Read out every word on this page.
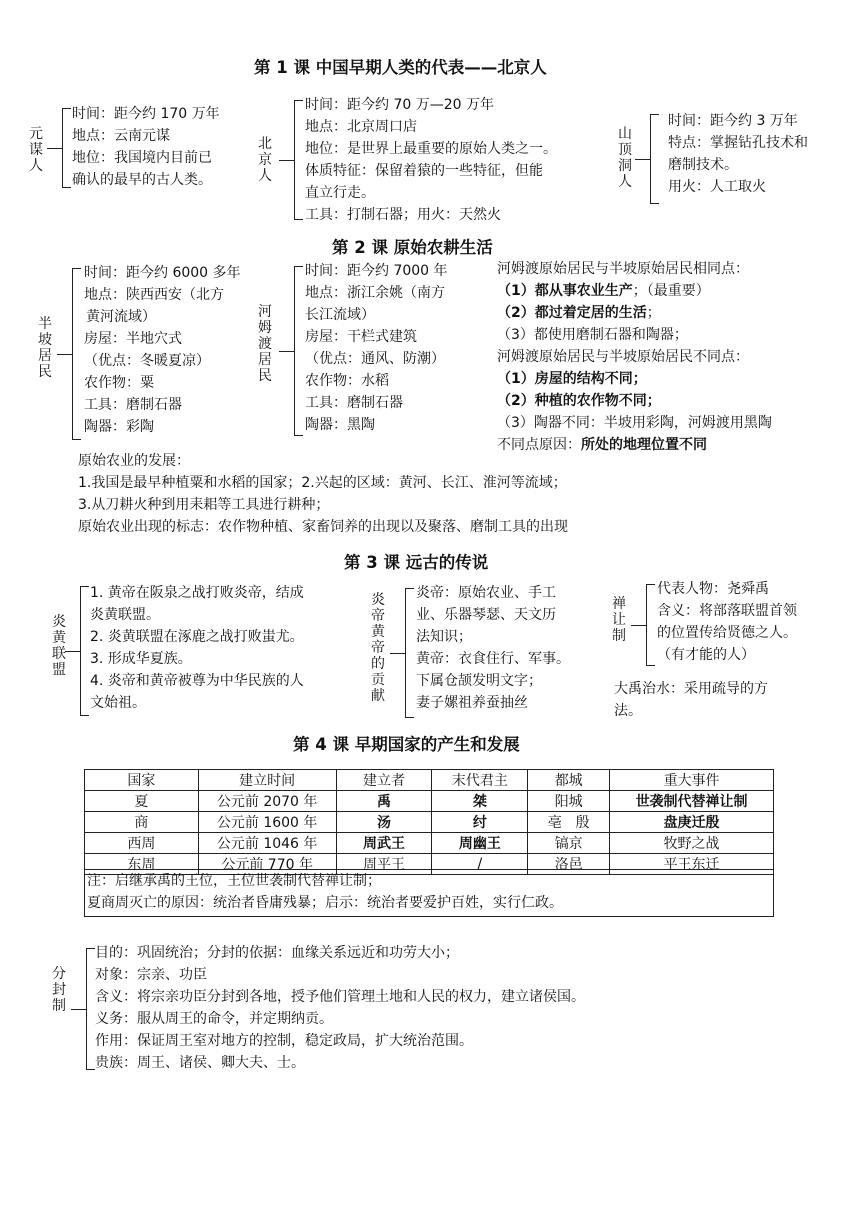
第 1 课 中国早期人类的代表——北京人
元谋人
时间：距今约 170 万年
地点：云南元谋
地位：我国境内目前已
确认的最早的古人类。
北京人
时间：距今约 70 万—20 万年
地点：北京周口店
地位：是世界上最重要的原始人类之一。
体质特征：保留着猿的一些特征，但能
直立行走。
工具：打制石器；用火：天然火
山顶洞人
时间：距今约 3 万年
特点：掌握钻孔技术和
磨制技术。
用火：人工取火
第 2 课 原始农耕生活
半坡居民
时间：距今约 6000 多年
地点：陕西西安（北方
黄河流域）
房屋：半地穴式
（优点：冬暖夏凉）
农作物：粟
工具：磨制石器
陶器：彩陶
河姆渡居民
时间：距今约 7000 年
地点：浙江余姚（南方
长江流域）
房屋：干栏式建筑
（优点：通风、防潮）
农作物：水稻
工具：磨制石器
陶器：黑陶
河姆渡原始居民与半坡原始居民相同点：
（1）都从事农业生产；（最重要）
（2）都过着定居的生活；
（3）都使用磨制石器和陶器；
河姆渡原始居民与半坡原始居民不同点：
（1）房屋的结构不同；
（2）种植的农作物不同；
（3）陶器不同：半坡用彩陶，河姆渡用黑陶
不同点原因：所处的地理位置不同
原始农业的发展：
1.我国是最早种植粟和水稻的国家；2.兴起的区域：黄河、长江、淮河等流域；
3.从刀耕火种到用耒耜等工具进行耕种；
原始农业出现的标志：农作物种植、家畜饲养的出现以及聚落、磨制工具的出现
第 3 课 远古的传说
炎黄联盟
1. 黄帝在阪泉之战打败炎帝，结成
炎黄联盟。
2. 炎黄联盟在涿鹿之战打败蚩尤。
3. 形成华夏族。
4. 炎帝和黄帝被尊为中华民族的人
文始祖。
炎帝黄帝的贡献
炎帝：原始农业、手工
业、乐器琴瑟、天文历
法知识；
黄帝：衣食住行、军事。
下属仓颉发明文字；
妻子嫘祖养蚕抽丝
禅让制
代表人物：尧舜禹
含义：将部落联盟首领
的位置传给贤德之人。
（有才能的人）
大禹治水：采用疏导的方
法。
第 4 课 早期国家的产生和发展
国家	建立时间	建立者	末代君主	都城	重大事件
夏	公元前 2070 年	禹	桀	阳城	世袭制代替禅让制
商	公元前 1600 年	汤	纣	亳　殷	盘庚迁殷
西周	公元前 1046 年	周武王	周幽王	镐京	牧野之战
东周	公元前 770 年	周平王	/	洛邑	平王东迁
注：启继承禹的王位，王位世袭制代替禅让制；
夏商周灭亡的原因：统治者昏庸残暴；启示：统治者要爱护百姓，实行仁政。
分封制
目的：巩固统治；分封的依据：血缘关系远近和功劳大小；
对象：宗亲、功臣
含义：将宗亲功臣分封到各地，授予他们管理土地和人民的权力，建立诸侯国。
义务：服从周王的命令，并定期纳贡。
作用：保证周王室对地方的控制，稳定政局，扩大统治范围。
贵族：周王、诸侯、卿大夫、士。
